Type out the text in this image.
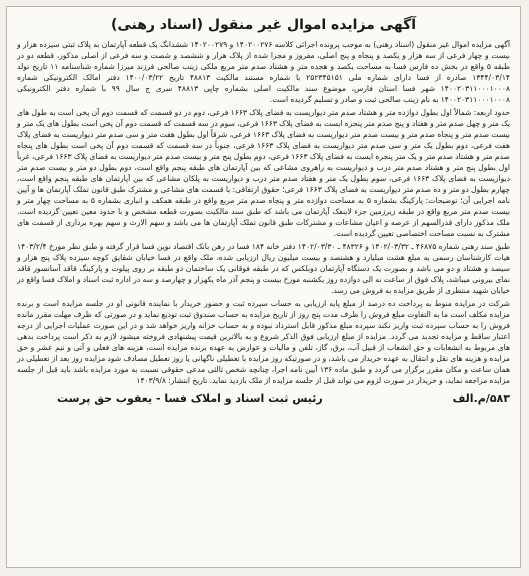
آگهی مزایده اموال غیر منقول (اسناد رهنی)

آگهی مزایده اموال غیر منقول (اسناد رهنی) به موجب پرونده اجرائی کلاسه ۱۴۰۲۰۰۲۷۶ و ۱۴۰۲۰۰۲۷۹ ششدانگ یک قطعه آپارتمان به پلاک ثبتی سیزده هزار و بیست و چهار فرعی از سه هزار و یکصد و پنجاه و پنج اصلی، مفروز و مجزا شده از پلاک هزار و ششصد و شصت و سه فرعی از اصلی مذکور، قطعه دو در طبقه ۵ واقع در بخش ده فارس فسا به مساحت یکصد و هجده متر و هشتاد صدم متر مربع ملکی زینب صالحی فرزند میرزا شماره شناسنامه ۱۱ تاریخ تولد ۱۳۴۴/۰۳/۱۴ صادره از فسا دارای شماره ملی ۲۵۲۳۴۵۱۵۱ با شماره مستند مالکیت ۴۸۸۱۳ تاریخ ۱۴۰۰/۰۳/۲۲ دفتر امالک الکترونیکی شماره ۱۴۰۰۲۰۳۱۱۰۰۰۱۰۰۰۸ شهر فسا استان فارس، موضوع سند مالکیت اصلی بشماره چاپی ۴۸۸۱۳ سری ج سال ۹۹ با شماره دفتر الکترونیکی ۱۴۰۰۲۰۳۱۱۰۰۰۱۰۰۰۸ به نام زینب صالحی ثبت و صادر و تسلیم گردیده است.

حدود اربعه: شمالاً اول بطول دوازده متر و هشتاد صدم متر دیواریست به فضای پلاک ۱۶۶۳ فرعی، دوم در دو قسمت که قسمت دوم آن پخی است به طول های یک متر و چهل صدم متر و هفتاد و پنج صدم متر پنجره ایست به فضای پلاک ۱۶۶۳ فرعی، سوم در سه قسمت که قسمت دوم آن پخی است بطول های یک متر و بیست صدم متر و پنجاه صدم متر و بیست صدم متر دیواریست به فضای پلاک ۱۶۶۳ فرعی، شرقاً اول بطول هفت متر و سی صدم متر دیواریست به فضای پلاک هفت فرعی، دوم بطول یک متر و سی صدم متر دیواریست به فضای پلاک ۱۶۶۳ فرعی، جنوباً در سه قسمت که قسمت دوم آن پخی است بطول های پنجاه صدم متر و هشتاد صدم متر و یک متر پنجره ایست به فضای پلاک ۱۶۶۳ فرعی، دوم بطول پنج متر و بیست صدم متر دیواریست به فضای پلاک ۱۶۶۳ فرعی، غرباً اول بطول پنج متر و هشتاد صدم متر درب و دیواریست به راهروی مشاعی که بین آپارتمان های طبقه پنجم واقع است، دوم بطول دو متر و بیست صدم متر دیواریست به فضای پلاک ۱۶۶۳ فرعی، سوم بطول یک متر و هفتاد صدم متر درب و دیواریست به پلکان مشاعی که بین آپارتمان های طبقه پنجم واقع است، چهارم بطول دو متر و ده صدم متر دیواریست به فضای پلاک ۱۶۶۳ فرعی؛ حقوق ارتفاقی: با قسمت های مشاعی و مشترک طبق قانون تملک آپارتمان ها و آیین نامه اجرایی آن؛ توضیحات: پارکینگ بشماره ۵ به مساحت دوازده متر و پنجاه صدم متر مربع واقع در طبقه همکف و انباری بشماره ۵ به مساحت چهار متر و بیست صدم متر مربع واقع در طبقه زیرزمین جزء لاینفک آپارتمان می باشد که طبق سند مالکیت بصورت قطعه مشخص و با حدود معین تعیین گردیده است. ملک مذکور دارای قدرالسهم از عرصه و اعیان مشاعات و مشترکات طبق قانون تملک آپارتمان ها می باشد و سهم الارث و سهم بهره برداری از قسمت های مشترک به نسبت مساحت اختصاصی تعیین گردیده است.

طبق سند رهنی شماره ۴۶۸۷۵ ـ ۱۴۰۲/۰۳/۳۲ و ۴۸۳۲۶ ـ ۱۴۰۲/۰۳/۳۰ دفتر خانه ۱۸۴ فسا در رهن بانک اقتصاد نوین فسا قرار گرفته و طبق نظر مورخ ۱۴۰۳/۲/۴ هیات کارشناسان رسمی به مبلغ هشت میلیارد و هشتصد و بیست میلیون ریال ارزیابی شده، ملک واقع در فسا خیابان شقایق کوچه سیزده پلاک پنج هزار و سیصد و هشتاد و دو می باشد و بصورت یک دستگاه آپارتمان دوبلکس که در طبقه فوقانی یک ساختمان دو طبقه بر روی پیلوت و پارکینگ قاقد آسانسور قاقد نمای بیرونی میباشد، پلاک فوق از ساعت نه الی دوازده روز یکشنبه مورخ بیست و پنجم آذر ماه یکهزار و چهارصد و سه در اداره ثبت اسناد و املاک فسا واقع در خیابان شهید منتظری از طریق مزایده به فروش می رسد.

شرکت در مزایده منوط به پرداخت ده درصد از مبلغ پایه ارزیابی به حساب سپرده ثبت و حضور خریدار با نماینده قانونی او در جلسه مزایده است و برنده مزایده مکلف است ما به التفاوت مبلغ فروش را ظرف مدت پنج روز از تاریخ مزایده به حساب صندوق ثبت تودیع نماید و در صورتی که ظرف مهلت مقرر مانده فروش را به حساب سپرده ثبت واریز نکند سپرده مبلغ مذکور قابل استرداد نبوده و به حساب خزانه واریز خواهد شد و در این صورت عملیات اجرایی از درجه اعتبار ساقط و مزایده تجدید می گردد. مزایده از مبلغ ارزیابی فوق الذکر شروع و به بالاترین قیمت پیشنهادی فروخته میشود لازم به ذکر است پرداخت بدهی های مربوط به انشعابات و حق انشعاب از قبیل آب، برق، گاز، تلفن و مالیات و عوارض به عهده برنده مزایده است، هزینه های فعلی و آتی و نیم عشر و حق مزایده و هزینه های نقل و انتقال به عهده خریدار می باشد، و در صورتیکه روز مزایده با تعطیلی ناگهانی یا روز تعطیل مصادف شود مزایده روز بعد از تعطیلی در همان ساعت و مکان مقرر برگزار می گردد و طبق ماده ۱۳۶ آیین نامه اجرا، چنانچه شخص ثالثی مدعی حقوقی نسبت به مورد مزایده باشد باید قبل از جلسه مزایده مراجعه نماید، و خریدار در صورت لزوم می تواند قبل از جلسه مزایده از ملک بازدید نماید. تاریخ انتشار: ۱۴۰۳/۹/۸

۵۸۳/م.الف
رئیس ثبت اسناد و املاک فسا - یعقوب حق پرست
